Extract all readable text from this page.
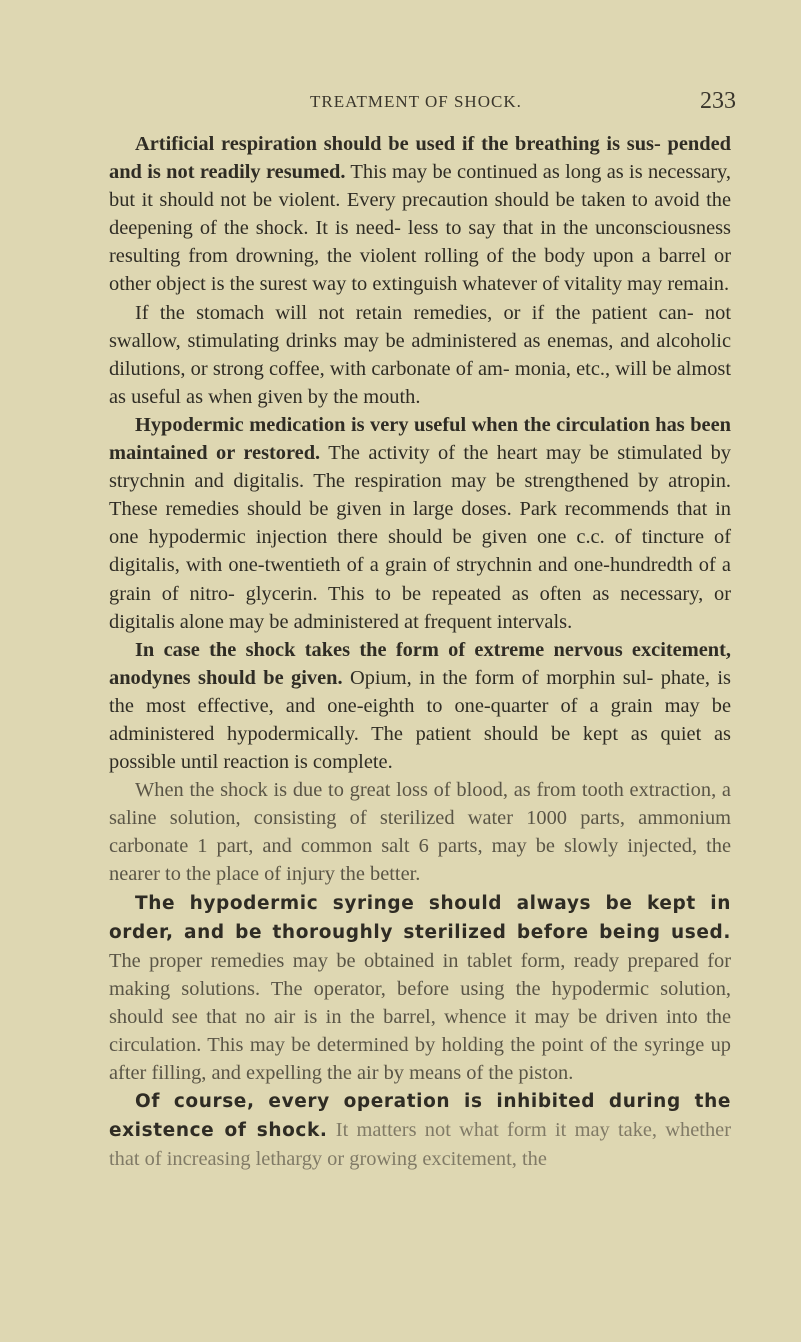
TREATMENT OF SHOCK.	233

Artificial respiration should be used if the breathing is sus- pended and is not readily resumed. This may be continued as long as is necessary, but it should not be violent. Every precaution should be taken to avoid the deepening of the shock. It is need- less to say that in the unconsciousness resulting from drowning, the violent rolling of the body upon a barrel or other object is the surest way to extinguish whatever of vitality may remain.

If the stomach will not retain remedies, or if the patient can- not swallow, stimulating drinks may be administered as enemas, and alcoholic dilutions, or strong coffee, with carbonate of am- monia, etc., will be almost as useful as when given by the mouth.

Hypodermic medication is very useful when the circulation has been maintained or restored. The activity of the heart may be stimulated by strychnin and digitalis. The respiration may be strengthened by atropin. These remedies should be given in large doses. Park recommends that in one hypodermic injection there should be given one c.c. of tincture of digitalis, with one-twentieth of a grain of strychnin and one-hundredth of a grain of nitro- glycerin. This to be repeated as often as necessary, or digitalis alone may be administered at frequent intervals.

In case the shock takes the form of extreme nervous excitement, anodynes should be given. Opium, in the form of morphin sul- phate, is the most effective, and one-eighth to one-quarter of a grain may be administered hypodermically. The patient should be kept as quiet as possible until reaction is complete.

When the shock is due to great loss of blood, as from tooth extraction, a saline solution, consisting of sterilized water 1000 parts, ammonium carbonate 1 part, and common salt 6 parts, may be slowly injected, the nearer to the place of injury the better.

The hypodermic syringe should always be kept in order, and be thoroughly sterilized before being used. The proper remedies may be obtained in tablet form, ready prepared for making solutions. The operator, before using the hypodermic solution, should see that no air is in the barrel, whence it may be driven into the circulation. This may be determined by holding the point of the syringe up after filling, and expelling the air by means of the piston.

Of course, every operation is inhibited during the existence of shock. It matters not what form it may take, whether that of increasing lethargy or growing excitement, the
